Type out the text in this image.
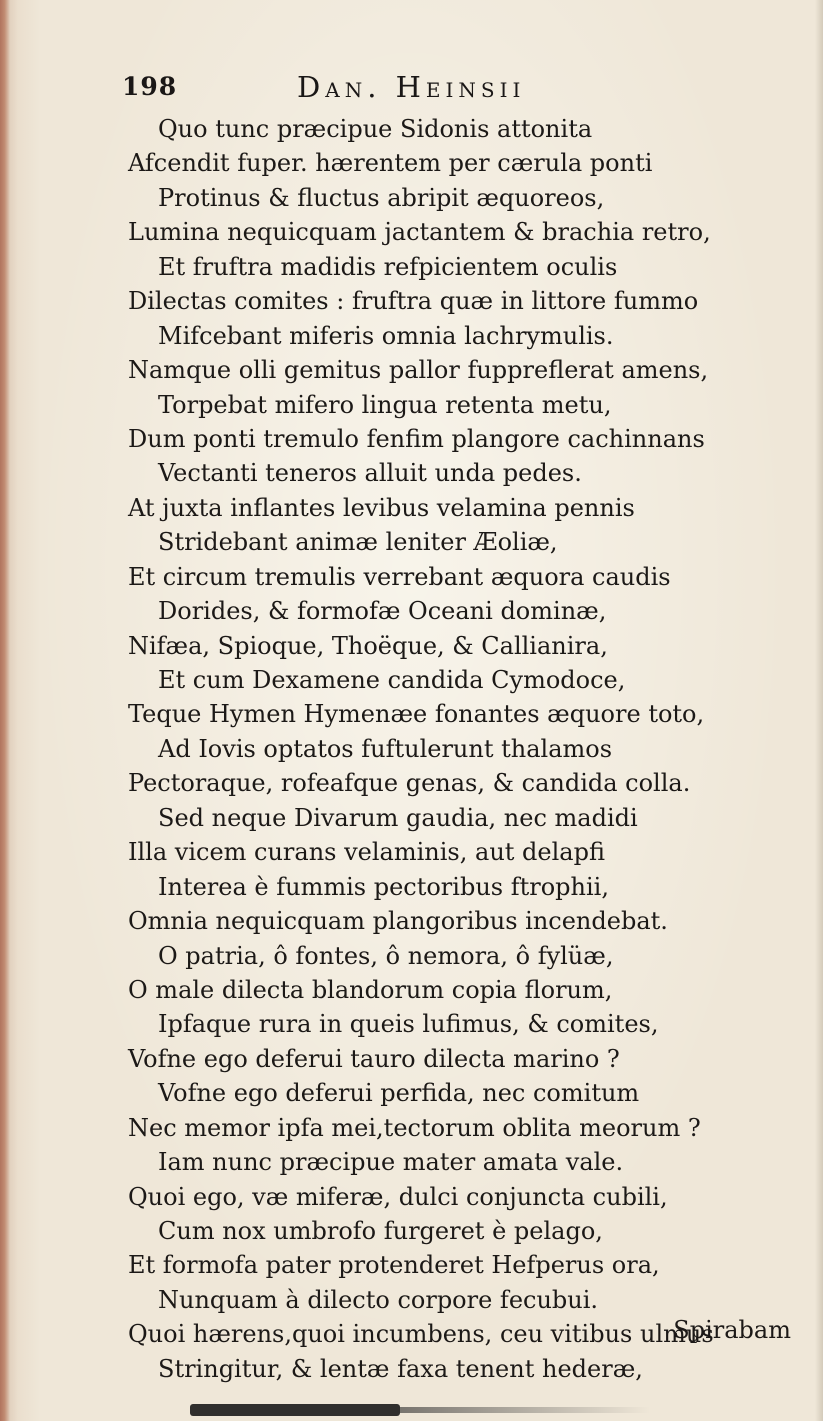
198	Dan. Heinsii
Quo tunc præcipue Sidonis attonita
Afcendit fuper. hærentem per cærula ponti
Protinus & fluctus abripit æquoreos,
Lumina nequicquam jactantem & brachia retro,
Et fruftra madidis refpicientem oculis
Dilectas comites : fruftra quæ in littore fummo
Mifcebant miferis omnia lachrymulis.
Namque olli gemitus pallor fuppreflerat amens,
Torpebat mifero lingua retenta metu,
Dum ponti tremulo fenfim plangore cachinnans
Vectanti teneros alluit unda pedes.
At juxta inflantes levibus velamina pennis
Stridebant animæ leniter Æoliæ,
Et circum tremulis verrebant æquora caudis
Dorides, & formofæ Oceani dominæ,
Nifæa, Spioque, Thoëque, & Callianira,
Et cum Dexamene candida Cymodoce,
Teque Hymen Hymenæe fonantes æquore toto,
Ad Iovis optatos fuftulerunt thalamos
Pectoraque, rofeafque genas, & candida colla.
Sed neque Divarum gaudia, nec madidi
Illa vicem curans velaminis, aut delapfi
Interea è fummis pectoribus ftrophii,
Omnia nequicquam plangoribus incendebat.
O patria, ô fontes, ô nemora, ô fylüæ,
O male dilecta blandorum copia florum,
Ipfaque rura in queis lufimus, & comites,
Vofne ego deferui tauro dilecta marino ?
Vofne ego deferui perfida, nec comitum
Nec memor ipfa mei,tectorum oblita meorum ?
Iam nunc præcipue mater amata vale.
Quoi ego, væ miferæ, dulci conjuncta cubili,
Cum nox umbrofo furgeret è pelago,
Et formofa pater protenderet Hefperus ora,
Nunquam à dilecto corpore fecubui.
Quoi hærens,quoi incumbens, ceu vitibus ulmus
Stringitur, & lentæ faxa tenent hederæ,
Spirabam
